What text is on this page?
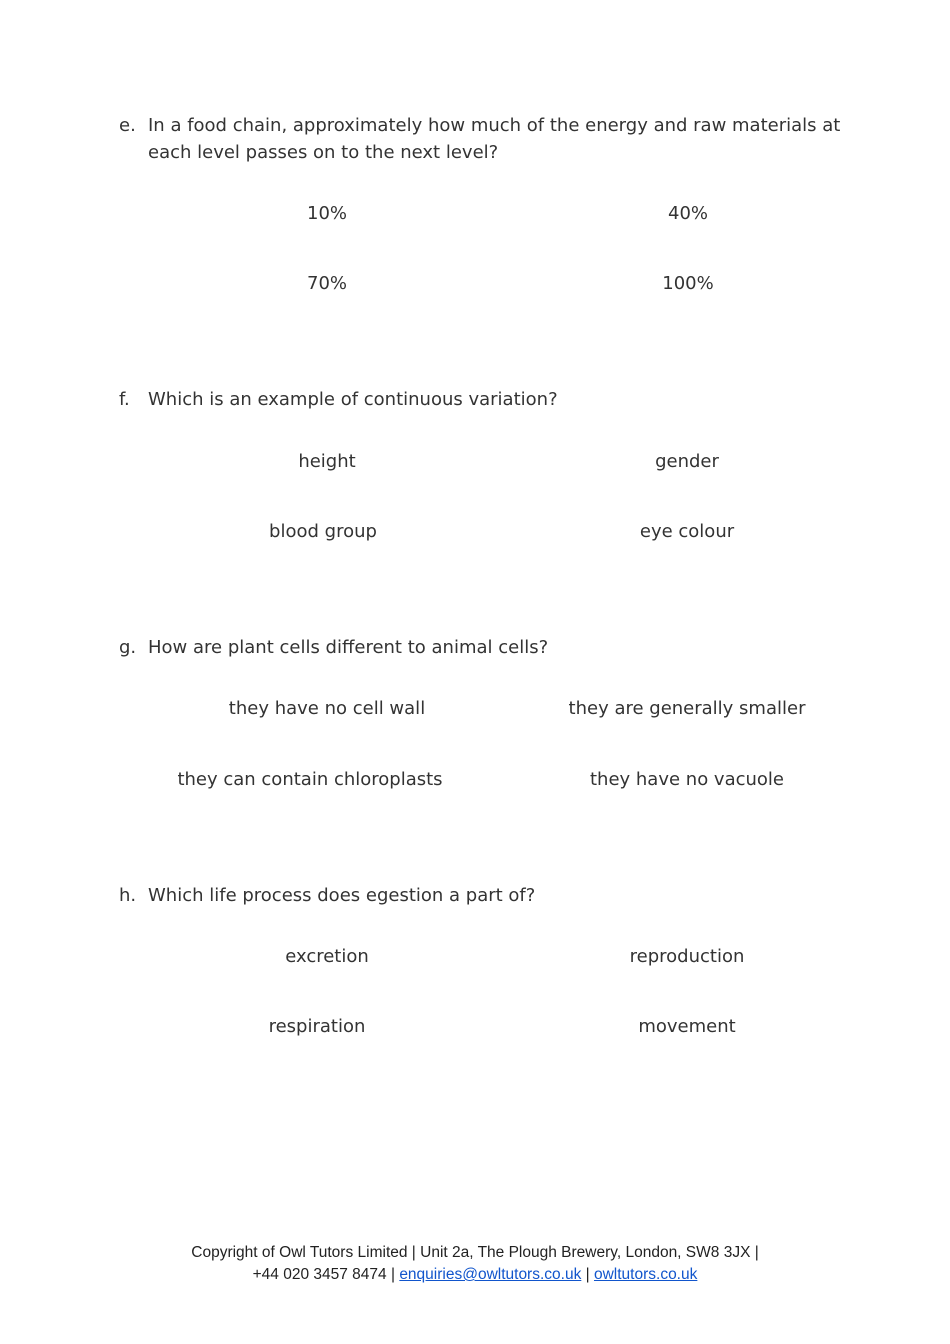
e. In a food chain, approximately how much of the energy and raw materials at each level passes on to the next level?
10%	40%
70%	100%
f. Which is an example of continuous variation?
height	gender
blood group	eye colour
g. How are plant cells different to animal cells?
they have no cell wall	they are generally smaller
they can contain chloroplasts	they have no vacuole
h. Which life process does egestion a part of?
excretion	reproduction
respiration	movement
Copyright of Owl Tutors Limited | Unit 2a, The Plough Brewery, London, SW8 3JX |
+44 020 3457 8474 | enquiries@owltutors.co.uk | owltutors.co.uk
